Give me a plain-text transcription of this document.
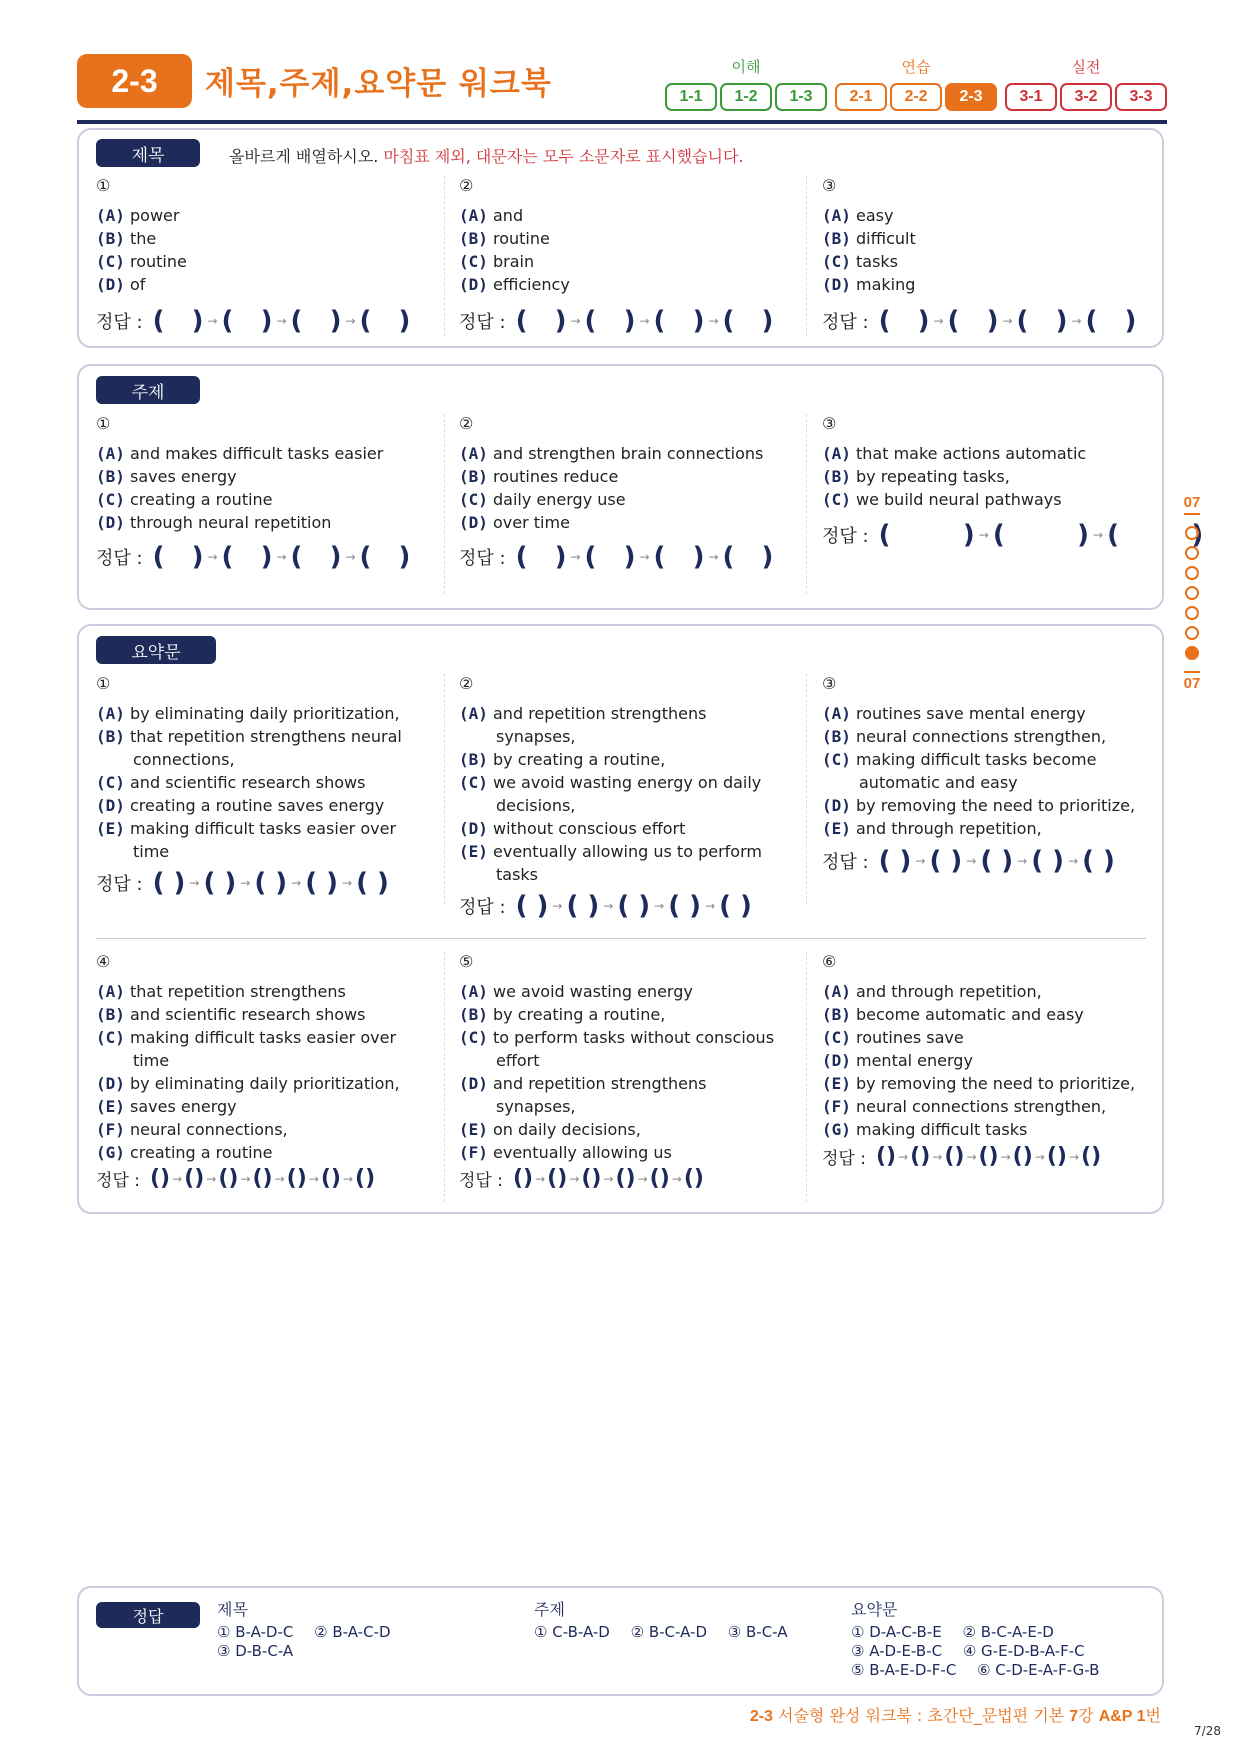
2-3	제목,주제,요약문 워크북	이해
1-1	1-2	1-3
연습
2-1	2-2	2-3
실전
3-1	3-2	3-3
제목	올바르게 배열하시오. 마침표 제외, 대문자는 모두 소문자로 표시했습니다.
①
(A) power
(B) the
(C) routine
(D) of
정답 : (   ) → (   ) → (   ) → (   )
②
(A) and
(B) routine
(C) brain
(D) efficiency
정답 : (   ) → (   ) → (   ) → (   )
③
(A) easy
(B) difficult
(C) tasks
(D) making
정답 : (   ) → (   ) → (   ) → (   )
주제
①
(A) and makes difficult tasks easier
(B) saves energy
(C) creating a routine
(D) through neural repetition
정답 : (   ) → (   ) → (   ) → (   )
②
(A) and strengthen brain connections
(B) routines reduce
(C) daily energy use
(D) over time
정답 : (   ) → (   ) → (   ) → (   )
③
(A) that make actions automatic
(B) by repeating tasks,
(C) we build neural pathways
정답 : (        ) → (        ) → (        )
요약문
①
(A) by eliminating daily prioritization,
(B) that repetition strengthens neural connections,
(C) and scientific research shows
(D) creating a routine saves energy
(E) making difficult tasks easier over time
정답 : ( ) → ( ) → ( ) → ( ) → ( )
②
(A) and repetition strengthens synapses,
(B) by creating a routine,
(C) we avoid wasting energy on daily decisions,
(D) without conscious effort
(E) eventually allowing us to perform tasks
정답 : ( ) → ( ) → ( ) → ( ) → ( )
③
(A) routines save mental energy
(B) neural connections strengthen,
(C) making difficult tasks become automatic and easy
(D) by removing the need to prioritize,
(E) and through repetition,
정답 : ( ) → ( ) → ( ) → ( ) → ( )
④
(A) that repetition strengthens
(B) and scientific research shows
(C) making difficult tasks easier over time
(D) by eliminating daily prioritization,
(E) saves energy
(F) neural connections,
(G) creating a routine
정답 : () → () → () → () → () → () → ()
⑤
(A) we avoid wasting energy
(B) by creating a routine,
(C) to perform tasks without conscious effort
(D) and repetition strengthens synapses,
(E) on daily decisions,
(F) eventually allowing us
정답 : () → () → () → () → () → ()
⑥
(A) and through repetition,
(B) become automatic and easy
(C) routines save
(D) mental energy
(E) by removing the need to prioritize,
(F) neural connections strengthen,
(G) making difficult tasks
정답 : () → () → () → () → () → () → ()
07
07
정답	제목
① B-A-D-C ② B-A-C-D
③ D-B-C-A
주제
① C-B-A-D ② B-C-A-D ③ B-C-A
요약문
① D-A-C-B-E ② B-C-A-E-D
③ A-D-E-B-C ④ G-E-D-B-A-F-C
⑤ B-A-E-D-F-C ⑥ C-D-E-A-F-G-B
2-3 서술형 완성 워크북 : 초간단_문법편 기본 7강 A&P 1번
7/28
